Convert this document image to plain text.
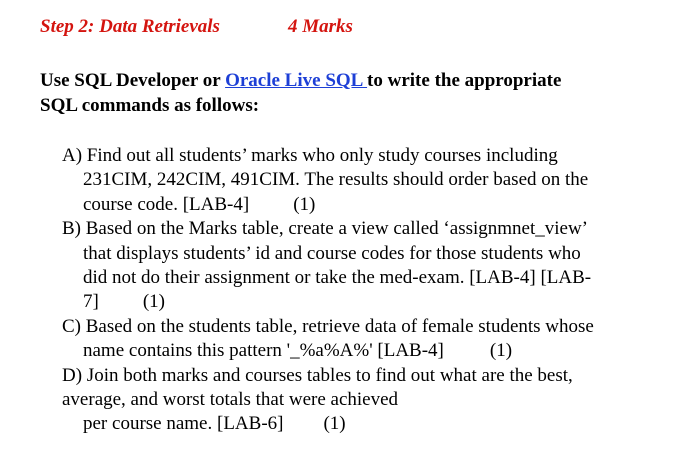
Step 2: Data Retrievals	4 Marks
Use SQL Developer or Oracle Live SQL to write the appropriate
SQL commands as follows:
A) Find out all students’ marks who only study courses including
231CIM, 242CIM, 491CIM. The results should order based on the
course code. [LAB-4] (1)
B) Based on the Marks table, create a view called ‘assignmnet_view’
that displays students’ id and course codes for those students who
did not do their assignment or take the med-exam. [LAB-4] [LAB-
7] (1)
C) Based on the students table, retrieve data of female students whose
name contains this pattern '_%a%A%' [LAB-4] (1)
D) Join both marks and courses tables to find out what are the best,
average, and worst totals that were achieved
per course name. [LAB-6] (1)
